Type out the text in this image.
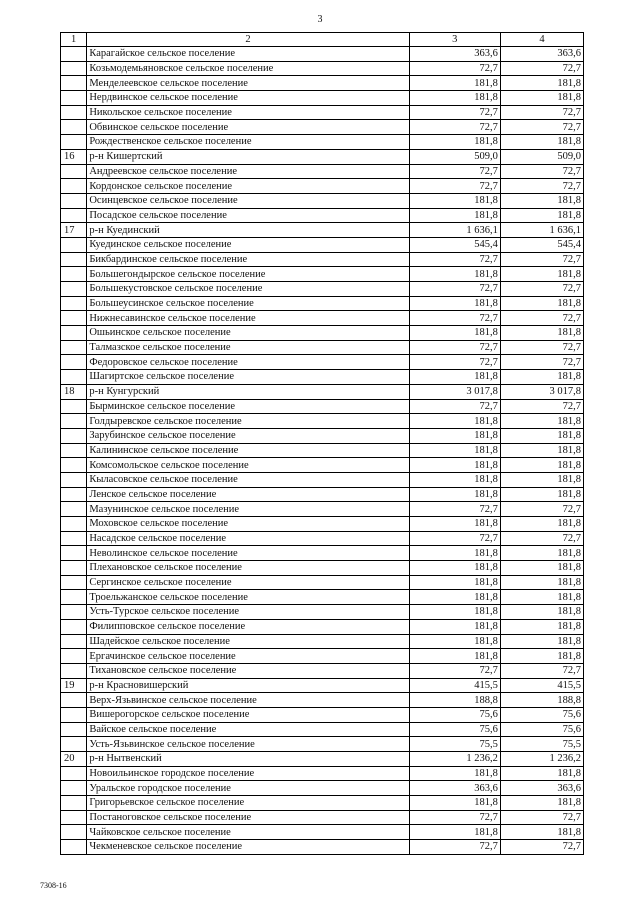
3
1	2	3	4
	Карагайское сельское поселение	363,6	363,6
	Козьмодемьяновское сельское поселение	72,7	72,7
	Менделеевское сельское поселение	181,8	181,8
	Нердвинское сельское поселение	181,8	181,8
	Никольское сельское поселение	72,7	72,7
	Обвинское сельское поселение	72,7	72,7
	Рождественское сельское поселение	181,8	181,8
16	р-н Кишертский	509,0	509,0
	Андреевское сельское поселение	72,7	72,7
	Кордонское сельское поселение	72,7	72,7
	Осинцевское сельское поселение	181,8	181,8
	Посадское сельское поселение	181,8	181,8
17	р-н Куединский	1 636,1	1 636,1
	Куединское сельское поселение	545,4	545,4
	Бикбардинское сельское поселение	72,7	72,7
	Большегондырское сельское поселение	181,8	181,8
	Большекустовское сельское поселение	72,7	72,7
	Большеусинское сельское поселение	181,8	181,8
	Нижнесавинское сельское поселение	72,7	72,7
	Ошьинское сельское поселение	181,8	181,8
	Талмазское сельское поселение	72,7	72,7
	Федоровское сельское поселение	72,7	72,7
	Шагиртское сельское поселение	181,8	181,8
18	р-н Кунгурский	3 017,8	3 017,8
	Бырминское сельское поселение	72,7	72,7
	Голдыревское сельское поселение	181,8	181,8
	Зарубинское сельское поселение	181,8	181,8
	Калининское сельское поселение	181,8	181,8
	Комсомольское сельское поселение	181,8	181,8
	Кыласовское сельское поселение	181,8	181,8
	Ленское сельское поселение	181,8	181,8
	Мазунинское сельское поселение	72,7	72,7
	Моховское сельское поселение	181,8	181,8
	Насадское сельское поселение	72,7	72,7
	Неволинское сельское поселение	181,8	181,8
	Плехановское сельское поселение	181,8	181,8
	Сергинское сельское поселение	181,8	181,8
	Троельжанское сельское поселение	181,8	181,8
	Усть-Турское сельское поселение	181,8	181,8
	Филипповское сельское поселение	181,8	181,8
	Шадейское сельское поселение	181,8	181,8
	Ергачинское сельское поселение	181,8	181,8
	Тихановское сельское поселение	72,7	72,7
19	р-н Красновишерский	415,5	415,5
	Верх-Язьвинское сельское поселение	188,8	188,8
	Вишерогорское сельское поселение	75,6	75,6
	Вайское сельское поселение	75,6	75,6
	Усть-Язьвинское сельское поселение	75,5	75,5
20	р-н Нытвенский	1 236,2	1 236,2
	Новоильинское городское поселение	181,8	181,8
	Уральское городское поселение	363,6	363,6
	Григорьевское сельское поселение	181,8	181,8
	Постаноговское сельское поселение	72,7	72,7
	Чайковское сельское поселение	181,8	181,8
	Чекменевское сельское поселение	72,7	72,7
7308-16
